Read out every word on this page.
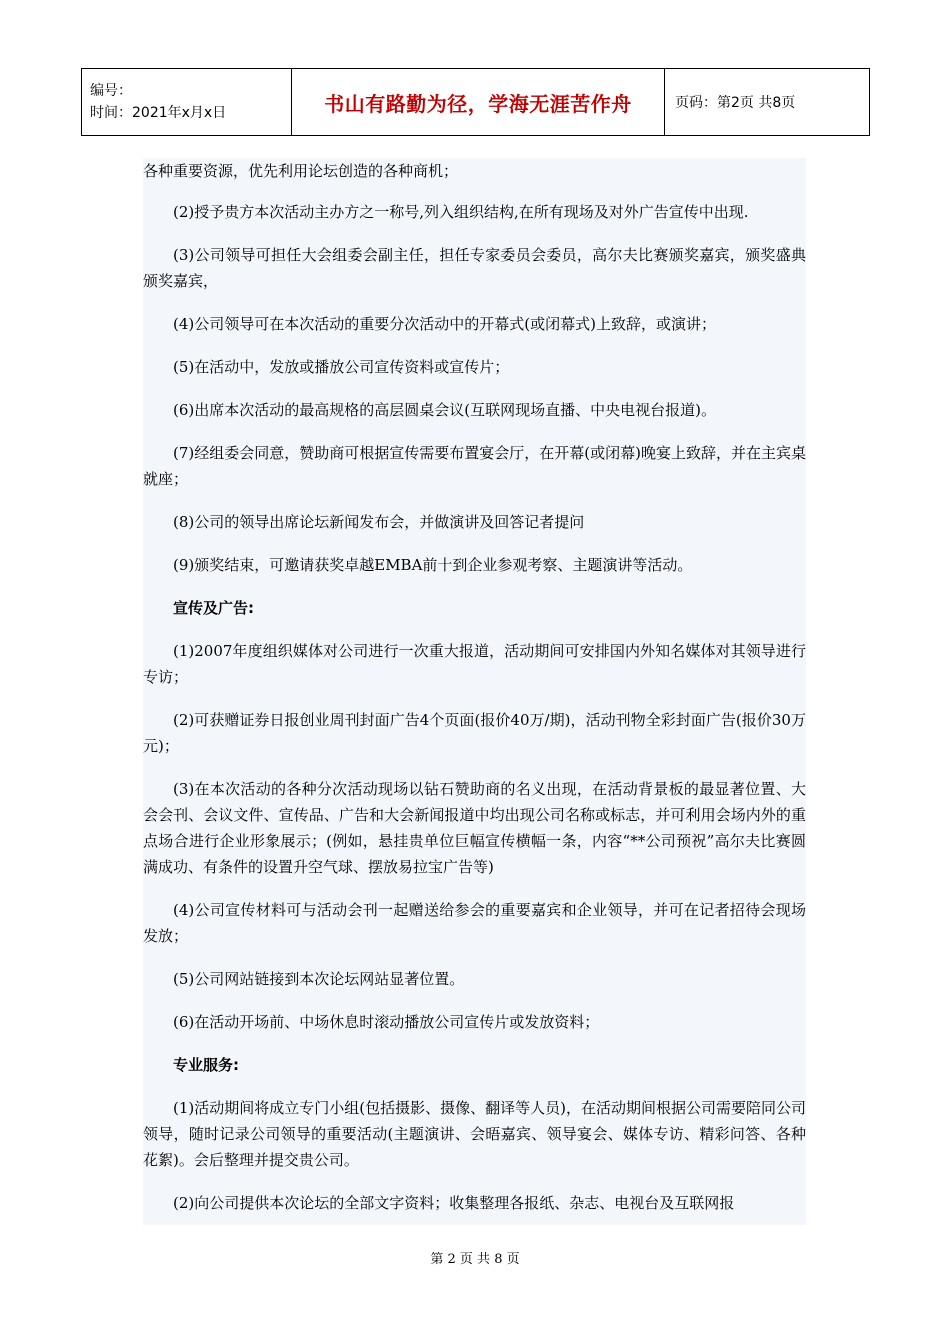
编号：
时间：2021年x月x日	书山有路勤为径，学海无涯苦作舟	页码：第2页 共8页

各种重要资源，优先利用论坛创造的各种商机；

(2)授予贵方本次活动主办方之一称号,列入组织结构,在所有现场及对外广告宣传中出现.

(3)公司领导可担任大会组委会副主任，担任专家委员会委员，高尔夫比赛颁奖嘉宾，颁奖盛典颁奖嘉宾，

(4)公司领导可在本次活动的重要分次活动中的开幕式(或闭幕式)上致辞，或演讲；

(5)在活动中，发放或播放公司宣传资料或宣传片；

(6)出席本次活动的最高规格的高层圆桌会议(互联网现场直播、中央电视台报道)。

(7)经组委会同意，赞助商可根据宣传需要布置宴会厅，在开幕(或闭幕)晚宴上致辞，并在主宾桌就座；

(8)公司的领导出席论坛新闻发布会，并做演讲及回答记者提问

(9)颁奖结束，可邀请获奖卓越EMBA前十到企业参观考察、主题演讲等活动。

宣传及广告:

(1)2007年度组织媒体对公司进行一次重大报道，活动期间可安排国内外知名媒体对其领导进行专访；

(2)可获赠证券日报创业周刊封面广告4个页面(报价40万/期)，活动刊物全彩封面广告(报价30万元)；

(3)在本次活动的各种分次活动现场以钻石赞助商的名义出现，在活动背景板的最显著位置、大会会刊、会议文件、宣传品、广告和大会新闻报道中均出现公司名称或标志，并可利用会场内外的重点场合进行企业形象展示；(例如，悬挂贵单位巨幅宣传横幅一条，内容“**公司预祝”高尔夫比赛圆满成功、有条件的设置升空气球、摆放易拉宝广告等)

(4)公司宣传材料可与活动会刊一起赠送给参会的重要嘉宾和企业领导，并可在记者招待会现场发放；

(5)公司网站链接到本次论坛网站显著位置。

(6)在活动开场前、中场休息时滚动播放公司宣传片或发放资料；

专业服务:

(1)活动期间将成立专门小组(包括摄影、摄像、翻译等人员)，在活动期间根据公司需要陪同公司领导，随时记录公司领导的重要活动(主题演讲、会晤嘉宾、领导宴会、媒体专访、精彩问答、各种花絮)。会后整理并提交贵公司。

(2)向公司提供本次论坛的全部文字资料；收集整理各报纸、杂志、电视台及互联网报

第 2 页 共 8 页
